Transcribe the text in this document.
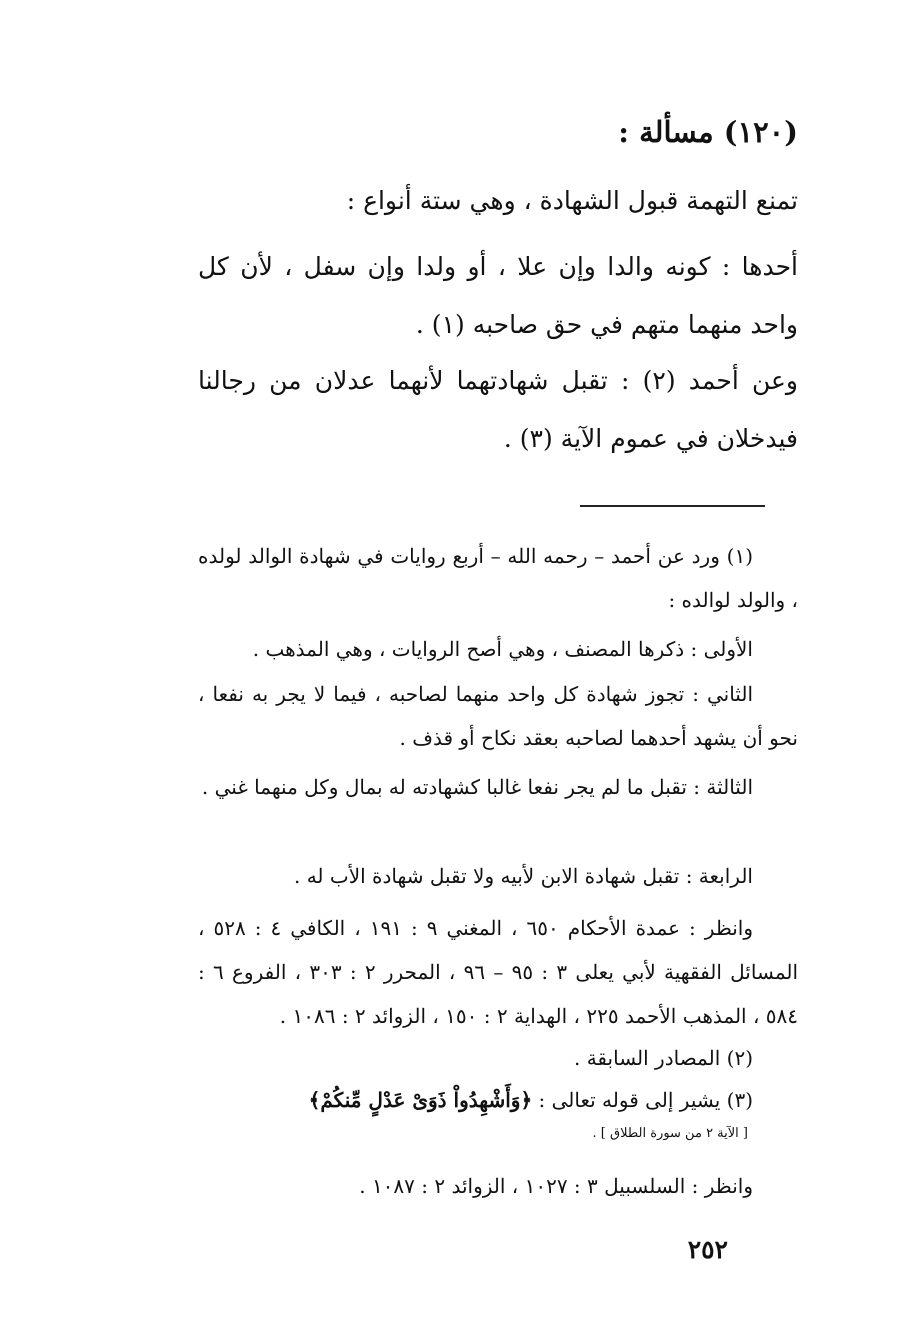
(١٢٠) مسألة :

تمنع التهمة قبول الشهادة ، وهي ستة أنواع :

أحدها : كونه والدا وإن علا ، أو ولدا وإن سفل ، لأن كل واحد منهما متهم في حق صاحبه (١) .

وعن أحمد (٢) : تقبل شهادتهما لأنهما عدلان من رجالنا فيدخلان في عموم الآية (٣) .

(١) ورد عن أحمد – رحمه الله – أربع روايات في شهادة الوالد لولده ، والولد لوالده :

الأولى : ذكرها المصنف ، وهي أصح الروايات ، وهي المذهب .

الثاني : تجوز شهادة كل واحد منهما لصاحبه ، فيما لا يجر به نفعا ، نحو أن يشهد أحدهما لصاحبه بعقد نكاح أو قذف .

الثالثة : تقبل ما لم يجر نفعا غالبا كشهادته له بمال وكل منهما غني .

الرابعة : تقبل شهادة الابن لأبيه ولا تقبل شهادة الأب له .

وانظر : عمدة الأحكام ٦٥٠ ، المغني ٩ : ١٩١ ، الكافي ٤ : ٥٢٨ ، المسائل الفقهية لأبي يعلى ٣ : ٩٥ – ٩٦ ، المحرر ٢ : ٣٠٣ ، الفروع ٦ : ٥٨٤ ، المذهب الأحمد ٢٢٥ ، الهداية ٢ : ١٥٠ ، الزوائد ٢ : ١٠٨٦ .

(٢) المصادر السابقة .

(٣) يشير إلى قوله تعالى : ﴿وَأَشْهِدُواْ ذَوَىْ عَدْلٍ مِّنكُمْ﴾

[ الآية ٢ من سورة الطلاق ] .

وانظر : السلسبيل ٣ : ١٠٢٧ ، الزوائد ٢ : ١٠٨٧ .

٢٥٢
